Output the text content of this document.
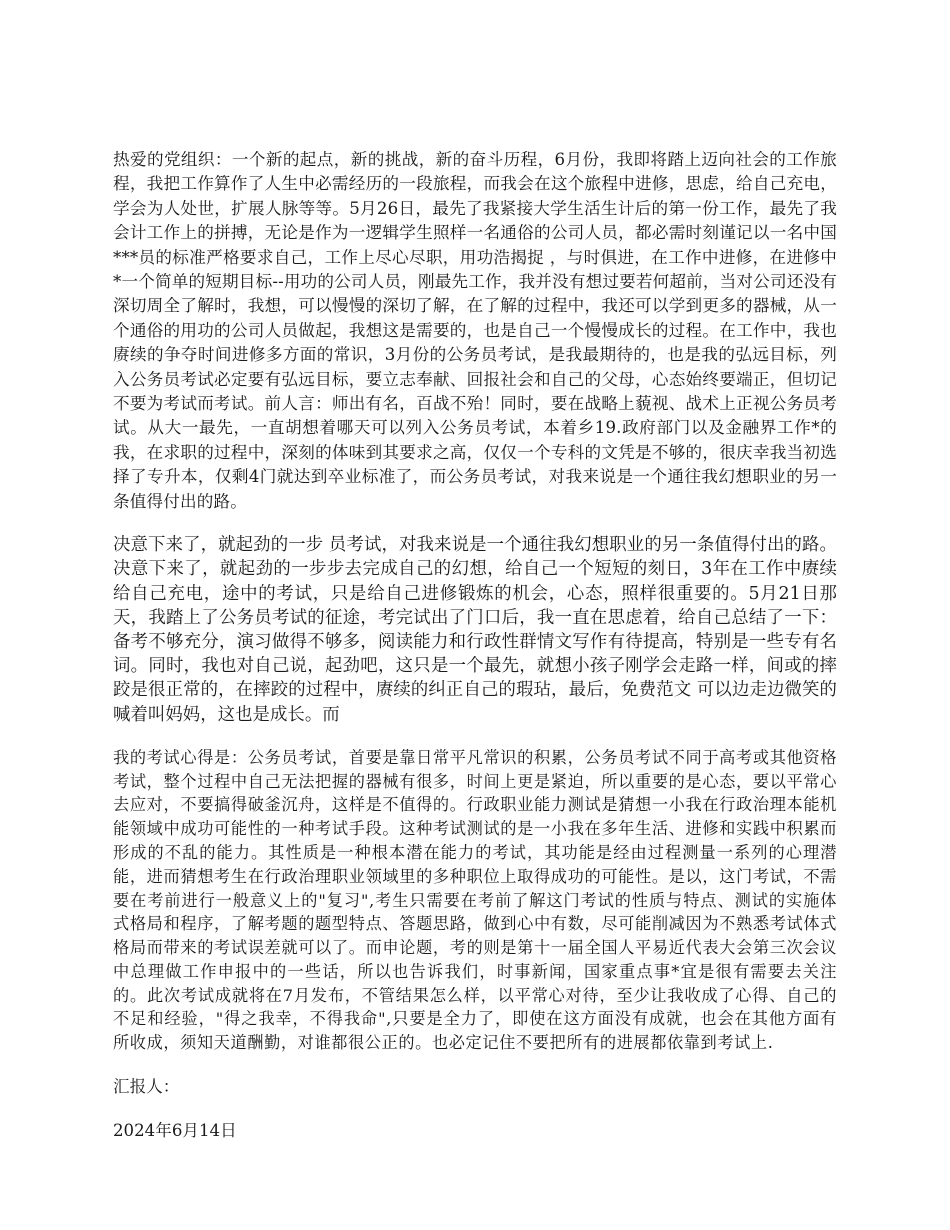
热爱的党组织：一个新的起点，新的挑战，新的奋斗历程，6月份，我即将踏上迈向社会的工作旅程，我把工作算作了人生中必需经历的一段旅程，而我会在这个旅程中进修，思虑，给自己充电，学会为人处世，扩展人脉等等。5月26日，最先了我紧接大学生活生计后的第一份工作，最先了我会计工作上的拼搏，无论是作为一逻辑学生照样一名通俗的公司人员，都必需时刻谨记以一名中国***员的标准严格要求自己，工作上尽心尽职，用功浩揭捉 ，与时俱进，在工作中进修，在进修中*一个简单的短期目标--用功的公司人员，刚最先工作，我并没有想过要若何超前，当对公司还没有深切周全了解时，我想，可以慢慢的深切了解，在了解的过程中，我还可以学到更多的器械，从一个通俗的用功的公司人员做起，我想这是需要的，也是自己一个慢慢成长的过程。在工作中，我也赓续的争夺时间进修多方面的常识，3月份的公务员考试，是我最期待的，也是我的弘远目标，列入公务员考试必定要有弘远目标，要立志奉献、回报社会和自己的父母，心态始终要端正，但切记不要为考试而考试。前人言：师出有名，百战不殆！同时，要在战略上藐视、战术上正视公务员考试。从大一最先，一直胡想着哪天可以列入公务员考试，本着乡19.政府部门以及金融界工作*的我，在求职的过程中，深刻的体味到其要求之高，仅仅一个专科的文凭是不够的，很庆幸我当初选择了专升本，仅剩4门就达到卒业标准了，而公务员考试，对我来说是一个通往我幻想职业的另一条值得付出的路。

决意下来了，就起劲的一步 员考试，对我来说是一个通往我幻想职业的另一条值得付出的路。决意下来了，就起劲的一步步去完成自己的幻想，给自己一个短短的刻日，3年在工作中赓续给自己充电，途中的考试，只是给自己进修锻炼的机会，心态，照样很重要的。5月21日那天，我踏上了公务员考试的征途，考完试出了门口后，我一直在思虑着，给自己总结了一下：备考不够充分，演习做得不够多，阅读能力和行政性群情文写作有待提高，特别是一些专有名词。同时，我也对自己说，起劲吧，这只是一个最先，就想小孩子刚学会走路一样，间或的摔跤是很正常的，在摔跤的过程中，赓续的纠正自己的瑕玷，最后，免费范文 可以边走边微笑的喊着叫妈妈，这也是成长。而

我的考试心得是：公务员考试，首要是靠日常平凡常识的积累，公务员考试不同于高考或其他资格考试，整个过程中自己无法把握的器械有很多，时间上更是紧迫，所以重要的是心态，要以平常心去应对，不要搞得破釜沉舟，这样是不值得的。行政职业能力测试是猜想一小我在行政治理本能机能领域中成功可能性的一种考试手段。这种考试测试的是一小我在多年生活、进修和实践中积累而形成的不乱的能力。其性质是一种根本潜在能力的考试，其功能是经由过程测量一系列的心理潜能，进而猜想考生在行政治理职业领域里的多种职位上取得成功的可能性。是以，这门考试，不需要在考前进行一般意义上的"复习",考生只需要在考前了解这门考试的性质与特点、测试的实施体式格局和程序，了解考题的题型特点、答题思路，做到心中有数，尽可能削减因为不熟悉考试体式格局而带来的考试误差就可以了。而申论题，考的则是第十一届全国人平易近代表大会第三次会议中总理做工作申报中的一些话，所以也告诉我们，时事新闻，国家重点事*宜是很有需要去关注的。此次考试成就将在7月发布，不管结果怎么样，以平常心对待，至少让我收成了心得、自己的不足和经验，"得之我幸，不得我命",只要是全力了，即使在这方面没有成就，也会在其他方面有所收成，须知天道酬勤，对谁都很公正的。也必定记住不要把所有的进展都依靠到考试上.

汇报人：
2024年6月14日
